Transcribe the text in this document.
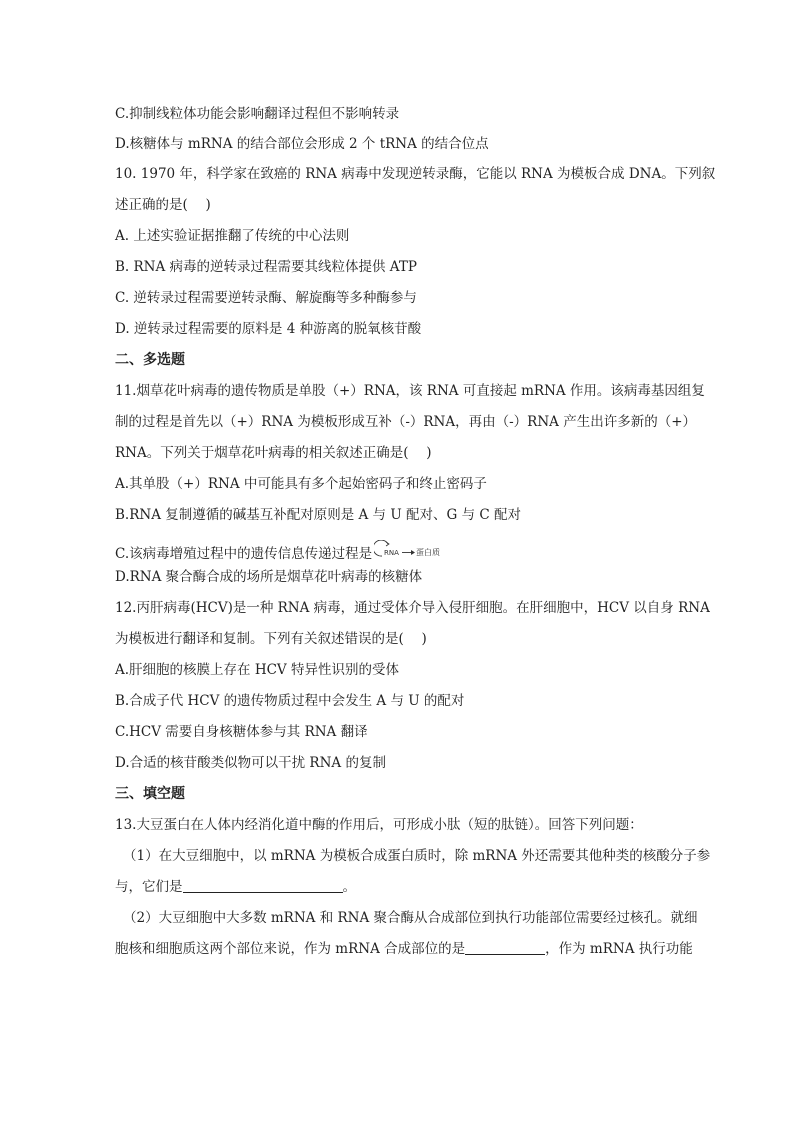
C.抑制线粒体功能会影响翻译过程但不影响转录
D.核糖体与 mRNA 的结合部位会形成 2 个 tRNA 的结合位点
10. 1970 年，科学家在致癌的 RNA 病毒中发现逆转录酶，它能以 RNA 为模板合成 DNA。下列叙
述正确的是(　 )
A. 上述实验证据推翻了传统的中心法则
B. RNA 病毒的逆转录过程需要其线粒体提供 ATP
C. 逆转录过程需要逆转录酶、解旋酶等多种酶参与
D. 逆转录过程需要的原料是 4 种游离的脱氧核苷酸
二、多选题
11.烟草花叶病毒的遗传物质是单股（+）RNA，该 RNA 可直接起 mRNA 作用。该病毒基因组复
制的过程是首先以（+）RNA 为模板形成互补（-）RNA，再由（-）RNA 产生出许多新的（+）
RNA。下列关于烟草花叶病毒的相关叙述正确是(　 )
A.其单股（+）RNA 中可能具有多个起始密码子和终止密码子
B.RNA 复制遵循的碱基互补配对原则是 A 与 U 配对、G 与 C 配对
C.该病毒增殖过程中的遗传信息传递过程是 RNA 蛋白质
D.RNA 聚合酶合成的场所是烟草花叶病毒的核糖体
12.丙肝病毒(HCV)是一种 RNA 病毒，通过受体介导入侵肝细胞。在肝细胞中，HCV 以自身 RNA
为模板进行翻译和复制。下列有关叙述错误的是(　 )
A.肝细胞的核膜上存在 HCV 特异性识别的受体
B.合成子代 HCV 的遗传物质过程中会发生 A 与 U 的配对
C.HCV 需要自身核糖体参与其 RNA 翻译
D.合适的核苷酸类似物可以干扰 RNA 的复制
三、填空题
13.大豆蛋白在人体内经消化道中酶的作用后，可形成小肽（短的肽链）。回答下列问题：
（1）在大豆细胞中，以 mRNA 为模板合成蛋白质时，除 mRNA 外还需要其他种类的核酸分子参
与，它们是	。
（2）大豆细胞中大多数 mRNA 和 RNA 聚合酶从合成部位到执行功能部位需要经过核孔。就细
胞核和细胞质这两个部位来说，作为 mRNA 合成部位的是	，作为 mRNA 执行功能
